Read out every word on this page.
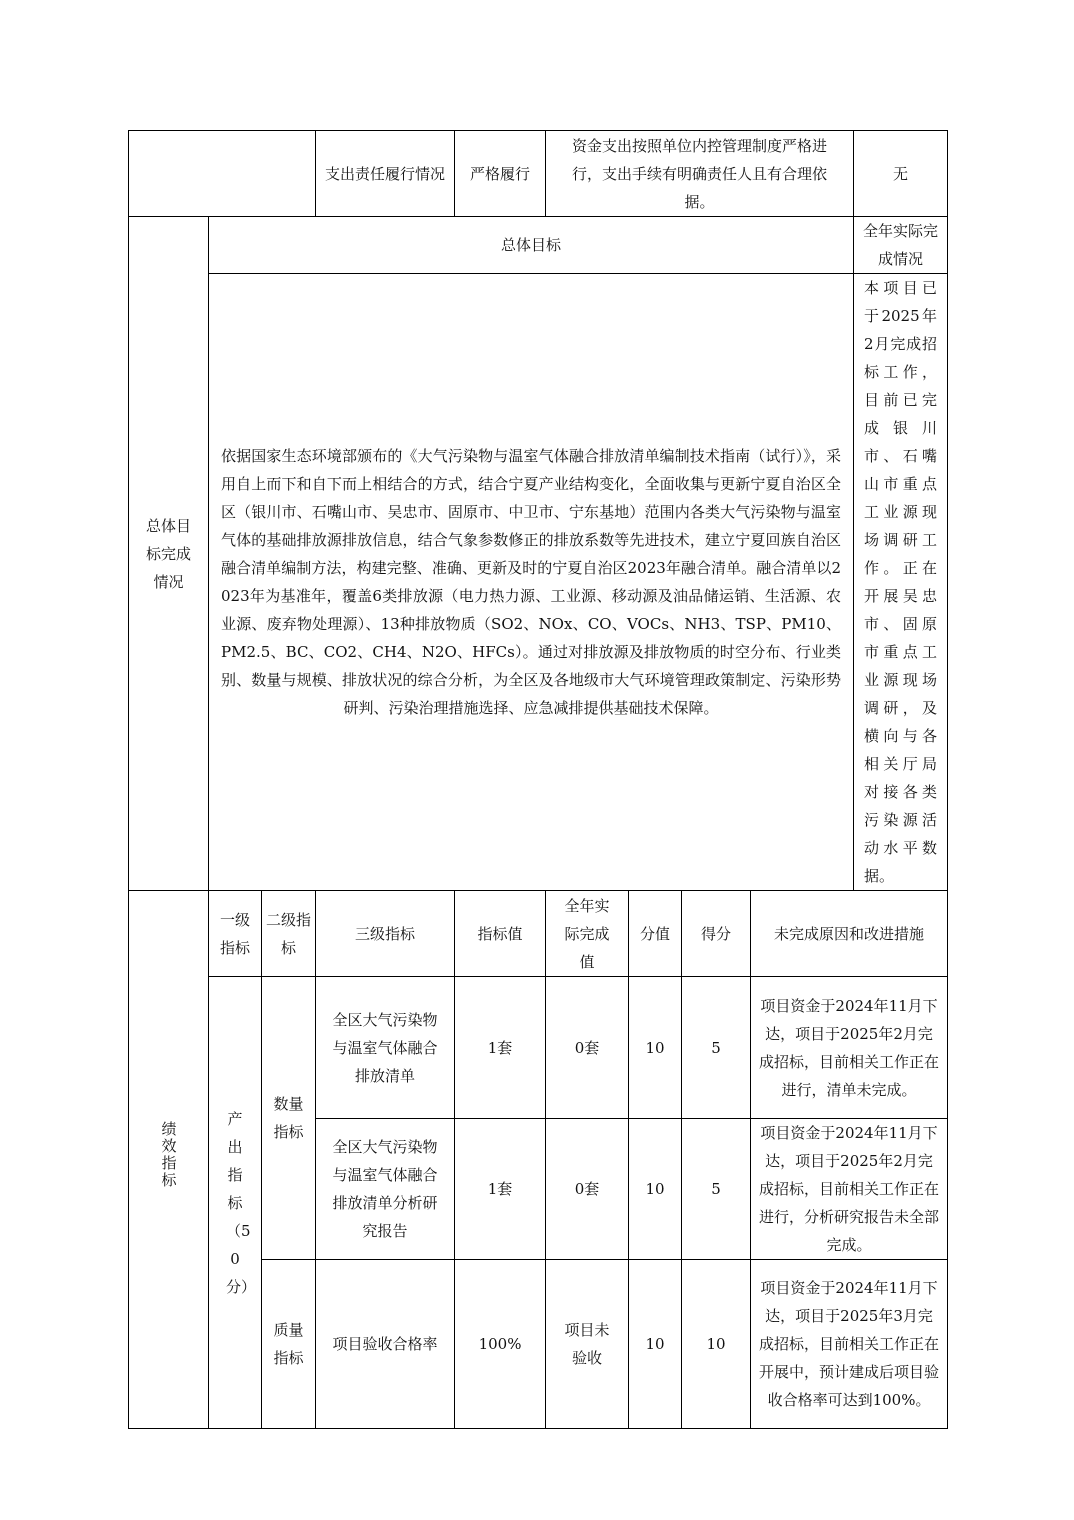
			支出责任履行情况	严格履行	资金支出按照单位内控管理制度严格进行，支出手续有明确责任人且有合理依据。				无
总体目标完成情况	总体目标								全年实际完成情况
	依据国家生态环境部颁布的《大气污染物与温室气体融合排放清单编制技术指南（试行）》，采用自上而下和自下而上相结合的方式，结合宁夏产业结构变化，全面收集与更新宁夏自治区全区（银川市、石嘴山市、吴忠市、固原市、中卫市、宁东基地）范围内各类大气污染物与温室气体的基础排放源排放信息，结合气象参数修正的排放系数等先进技术，建立宁夏回族自治区融合清单编制方法，构建完整、准确、更新及时的宁夏自治区2023年融合清单。融合清单以2023年为基准年，覆盖6类排放源（电力热力源、工业源、移动源及油品储运销、生活源、农业源、废弃物处理源）、13种排放物质（SO2、NOx、CO、VOCs、NH3、TSP、PM10、PM2.5、BC、CO2、CH4、N2O、HFCs）。通过对排放源及排放物质的时空分布、行业类别、数量与规模、排放状况的综合分析，为全区及各地级市大气环境管理政策制定、污染形势研判、污染治理措施选择、应急减排提供基础技术保障。								本项目已于2025年2月完成招标工作，目前已完成银川市、石嘴山市重点工业源现场调研工作。正在开展吴忠市、固原市重点工业源现场调研，及横向与各相关厅局对接各类污染源活动水平数据。
绩效指标	一级指标	二级指标	三级指标	指标值	全年实际完成值	分值	得分	未完成原因和改进措施	
	产出指标（50分）	数量指标	全区大气污染物与温室气体融合排放清单	1套	0套	10	5	项目资金于2024年11月下达，项目于2025年2月完成招标，目前相关工作正在进行，清单未完成。	
			全区大气污染物与温室气体融合排放清单分析研究报告	1套	0套	10	5	项目资金于2024年11月下达，项目于2025年2月完成招标，目前相关工作正在进行，分析研究报告未全部完成。	
		质量指标	项目验收合格率	100%	项目未验收	10	10	项目资金于2024年11月下达，项目于2025年3月完成招标，目前相关工作正在开展中，预计建成后项目验收合格率可达到100%。	
